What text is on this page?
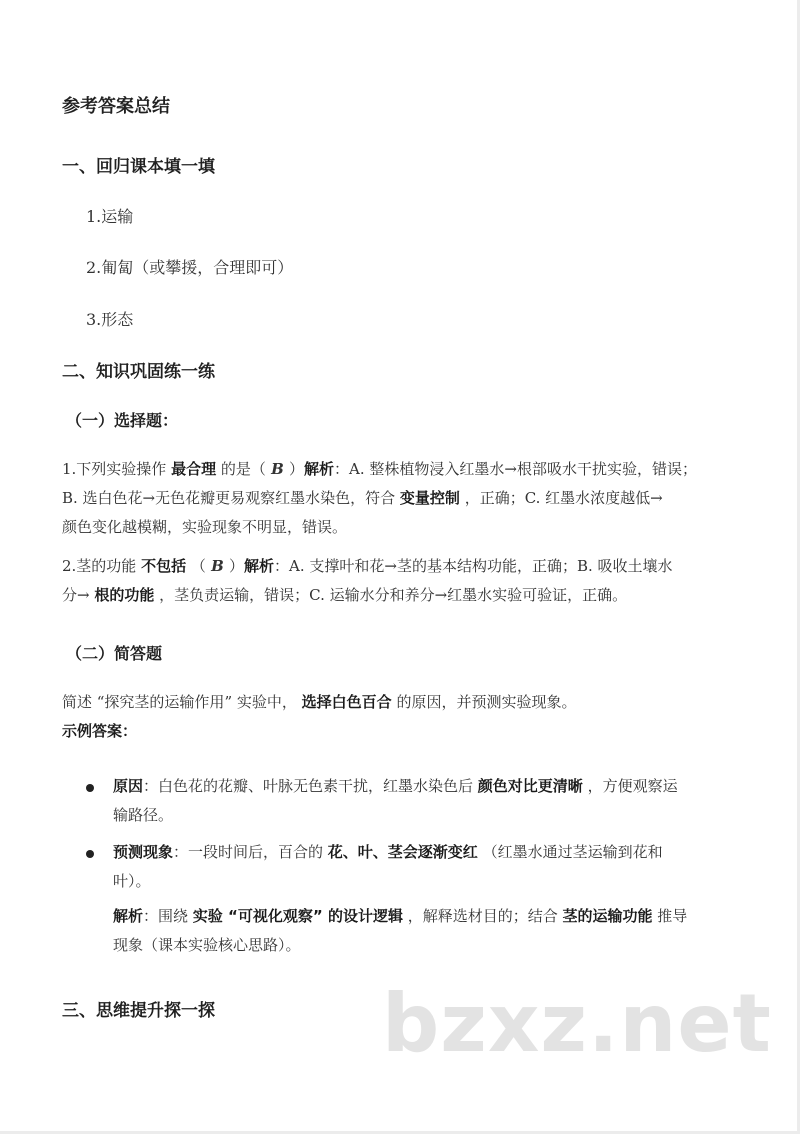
参考答案总结
一、回归课本填一填
1.运输
2.匍匐（或攀援，合理即可）
3.形态
二、知识巩固练一练
（一）选择题：
1.下列实验操作 最合理 的是（ B ）解析：A. 整株植物浸入红墨水→根部吸水干扰实验，错误；
B. 选白色花→无色花瓣更易观察红墨水染色，符合 变量控制 ，正确；C. 红墨水浓度越低→
颜色变化越模糊，实验现象不明显，错误。
2.茎的功能 不包括 （ B ）解析：A. 支撑叶和花→茎的基本结构功能，正确；B. 吸收土壤水
分→ 根的功能 ，茎负责运输，错误；C. 运输水分和养分→红墨水实验可验证，正确。
（二）简答题
简述 “探究茎的运输作用” 实验中， 选择白色百合 的原因，并预测实验现象。
示例答案：
原因：白色花的花瓣、叶脉无色素干扰，红墨水染色后 颜色对比更清晰 ，方便观察运
输路径。
预测现象：一段时间后，百合的 花、叶、茎会逐渐变红 （红墨水通过茎运输到花和
叶）。
解析：围绕 实验 “可视化观察” 的设计逻辑 ，解释选材目的；结合 茎的运输功能 推导
现象（课本实验核心思路）。
三、思维提升探一探 bzxz.net
